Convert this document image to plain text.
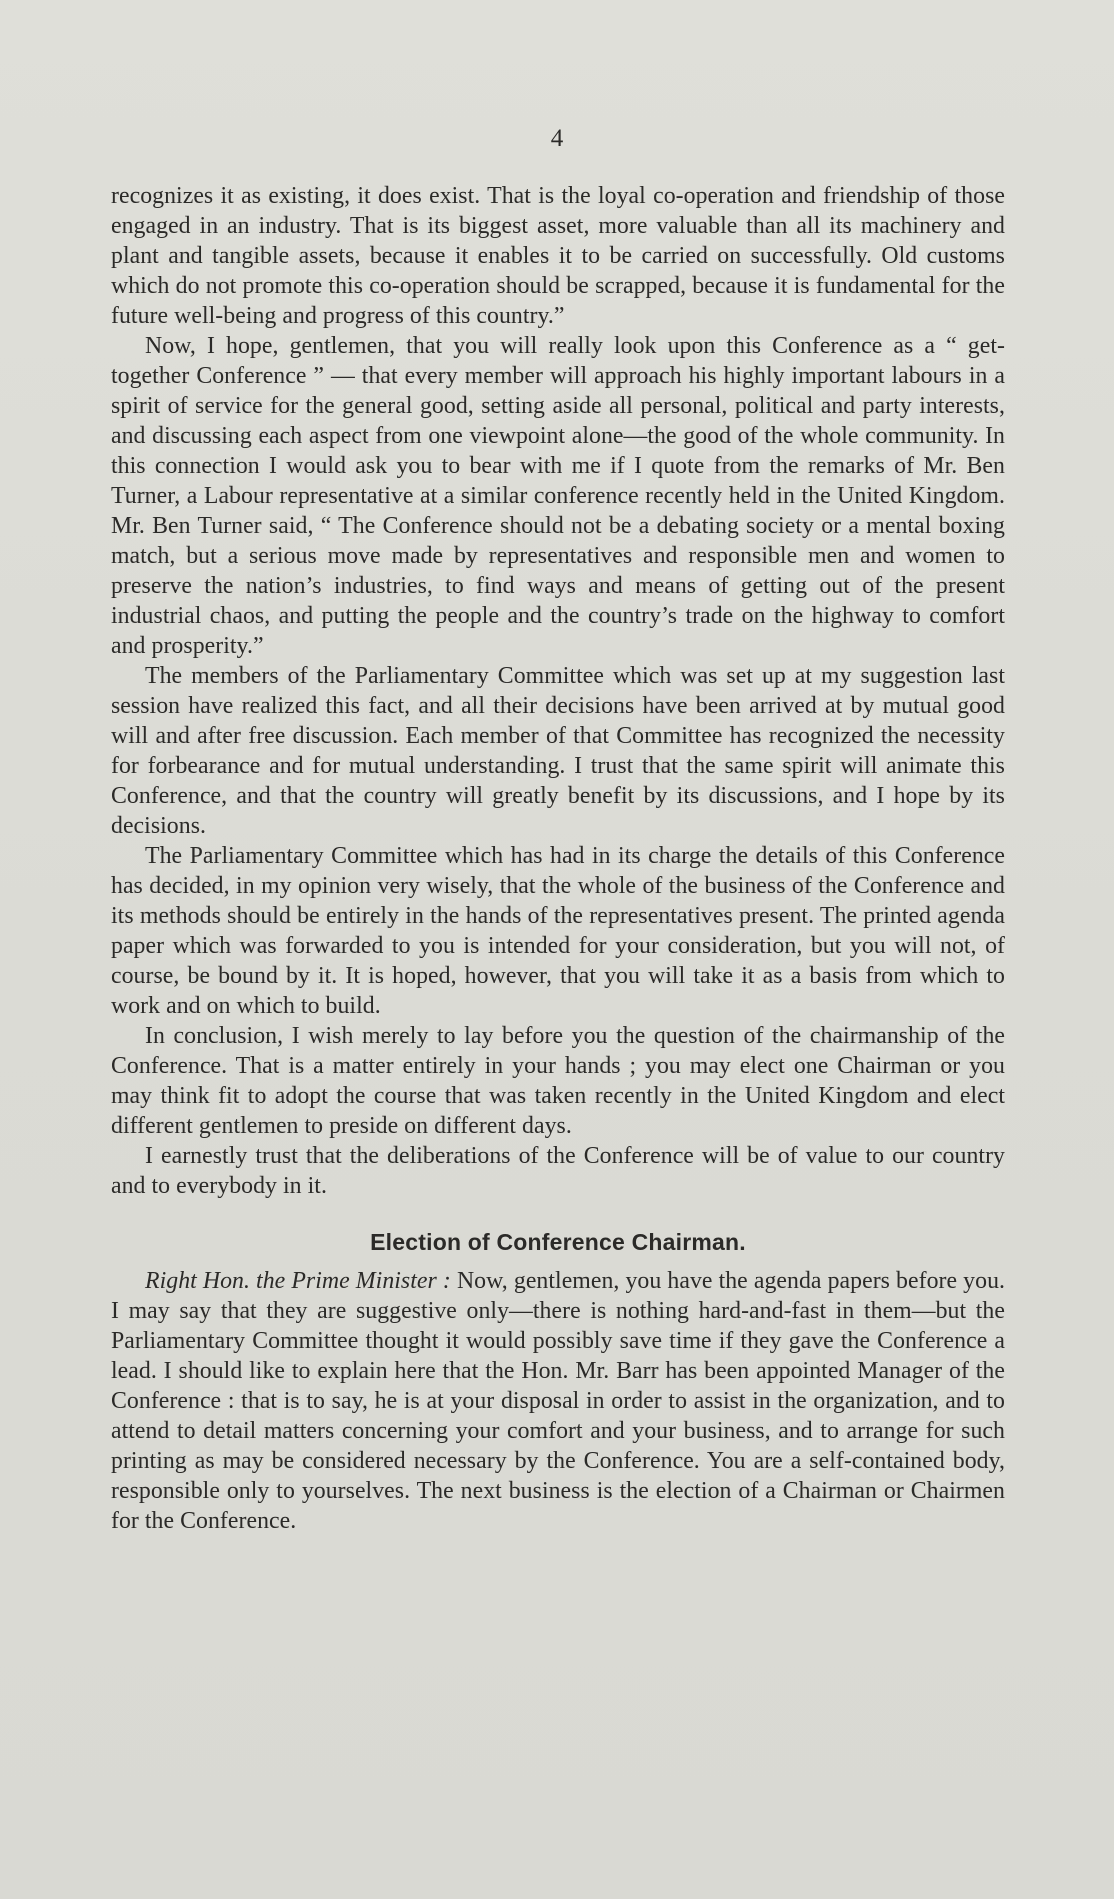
4

recognizes it as existing, it does exist. That is the loyal co-operation and friendship of those engaged in an industry. That is its biggest asset, more valuable than all its machinery and plant and tangible assets, because it enables it to be carried on successfully. Old customs which do not promote this co-operation should be scrapped, because it is fundamental for the future well-being and progress of this country.”

Now, I hope, gentlemen, that you will really look upon this Conference as a “ get-together Conference ” — that every member will approach his highly important labours in a spirit of service for the general good, setting aside all personal, political and party interests, and discussing each aspect from one viewpoint alone—the good of the whole community. In this connection I would ask you to bear with me if I quote from the remarks of Mr. Ben Turner, a Labour representative at a similar conference recently held in the United Kingdom. Mr. Ben Turner said, “ The Conference should not be a debating society or a mental boxing match, but a serious move made by representatives and responsible men and women to preserve the nation’s industries, to find ways and means of getting out of the present industrial chaos, and putting the people and the country’s trade on the highway to comfort and prosperity.”

The members of the Parliamentary Committee which was set up at my suggestion last session have realized this fact, and all their decisions have been arrived at by mutual good will and after free discussion. Each member of that Committee has recognized the necessity for forbearance and for mutual understanding. I trust that the same spirit will animate this Conference, and that the country will greatly benefit by its discussions, and I hope by its decisions.

The Parliamentary Committee which has had in its charge the details of this Conference has decided, in my opinion very wisely, that the whole of the business of the Conference and its methods should be entirely in the hands of the representatives present. The printed agenda paper which was forwarded to you is intended for your consideration, but you will not, of course, be bound by it. It is hoped, however, that you will take it as a basis from which to work and on which to build.

In conclusion, I wish merely to lay before you the question of the chairmanship of the Conference. That is a matter entirely in your hands ; you may elect one Chairman or you may think fit to adopt the course that was taken recently in the United Kingdom and elect different gentlemen to preside on different days.

I earnestly trust that the deliberations of the Conference will be of value to our country and to everybody in it.

Election of Conference Chairman.

Right Hon. the Prime Minister : Now, gentlemen, you have the agenda papers before you. I may say that they are suggestive only—there is nothing hard-and-fast in them—but the Parliamentary Committee thought it would possibly save time if they gave the Conference a lead. I should like to explain here that the Hon. Mr. Barr has been appointed Manager of the Conference : that is to say, he is at your disposal in order to assist in the organization, and to attend to detail matters concerning your comfort and your business, and to arrange for such printing as may be considered necessary by the Conference. You are a self-contained body, responsible only to yourselves. The next business is the election of a Chairman or Chairmen for the Conference.
